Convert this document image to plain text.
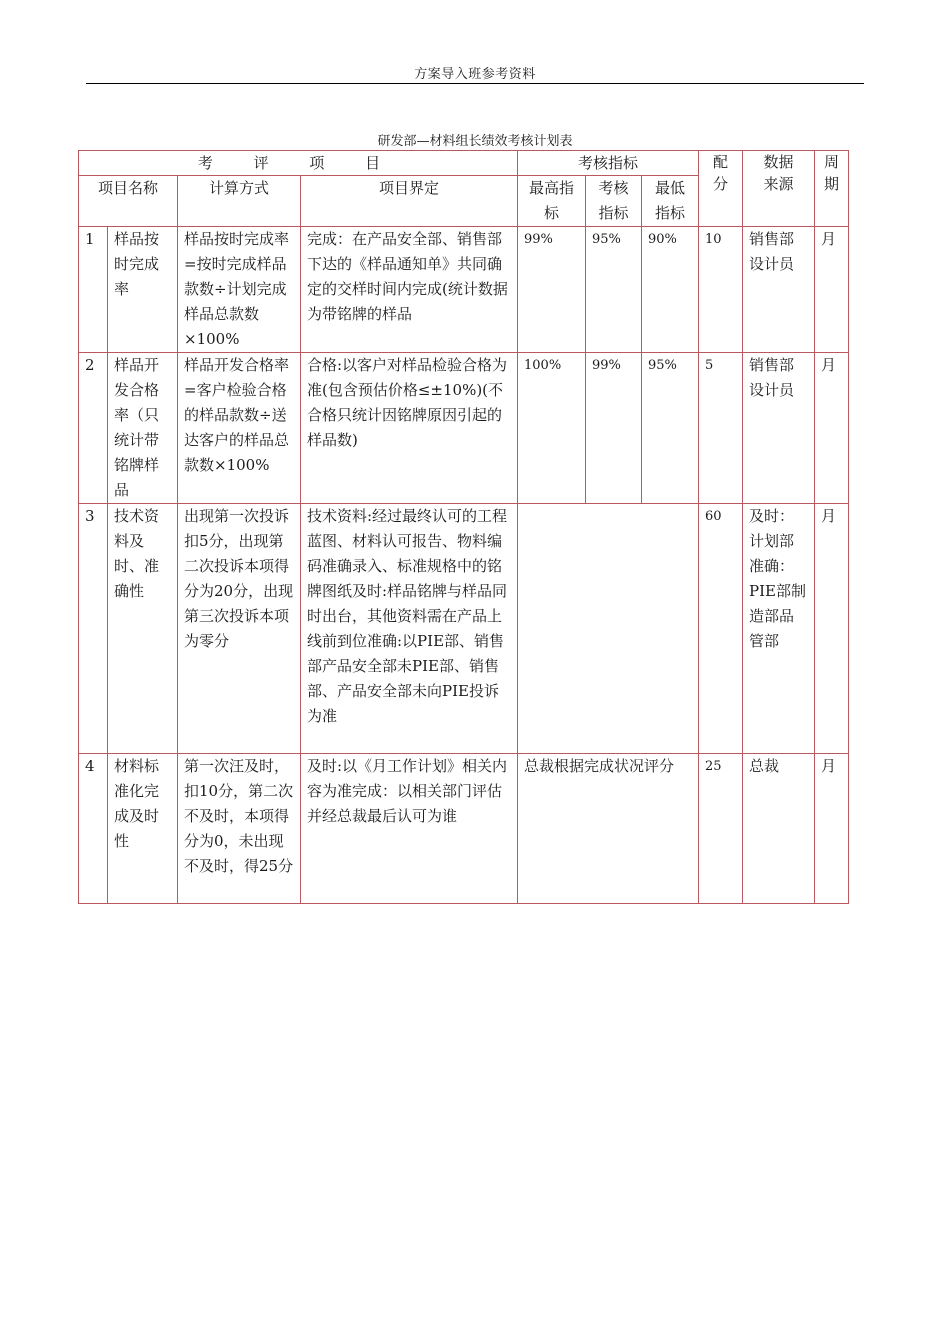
方案导入班参考资料
研发部—材料组长绩效考核计划表
考 评 项 目				考核指标			配分	数据来源	周期
项目名称		计算方式	项目界定	最高指标	考核指标	最低指标			
1	样品按时完成率	样品按时完成率=按时完成样品款数÷计划完成样品总款数×100%	完成：在产品安全部、销售部下达的《样品通知单》共同确定的交样时间内完成(统计数据为带铭牌的样品	99%	95%	90%	10	销售部设计员	月
2	样品开发合格率（只统计带铭牌样品	样品开发合格率=客户检验合格的样品款数÷送达客户的样品总款数×100%	合格:以客户对样品检验合格为准(包含预估价格≤±10%)(不合格只统计因铭牌原因引起的样品数)	100%	99%	95%	5	销售部设计员	月
3	技术资料及时、准确性	出现第一次投诉扣5分，出现第二次投诉本项得分为20分，出现第三次投诉本项为零分	技术资料:经过最终认可的工程蓝图、材料认可报告、物料编码准确录入、标准规格中的铭牌图纸及时:样品铭牌与样品同时出台，其他资料需在产品上线前到位准确:以PIE部、销售部产品安全部未PIE部、销售部、产品安全部未向PIE投诉为准				60	及时：计划部准确：PIE部制造部品管部	月
4	材料标准化完成及时性	第一次汪及时，扣10分，第二次不及时，本项得分为0，未出现不及时，得25分	及时:以《月工作计划》相关内容为准完成：以相关部门评估并经总裁最后认可为谁	总裁根据完成状况评分			25	总裁	月
